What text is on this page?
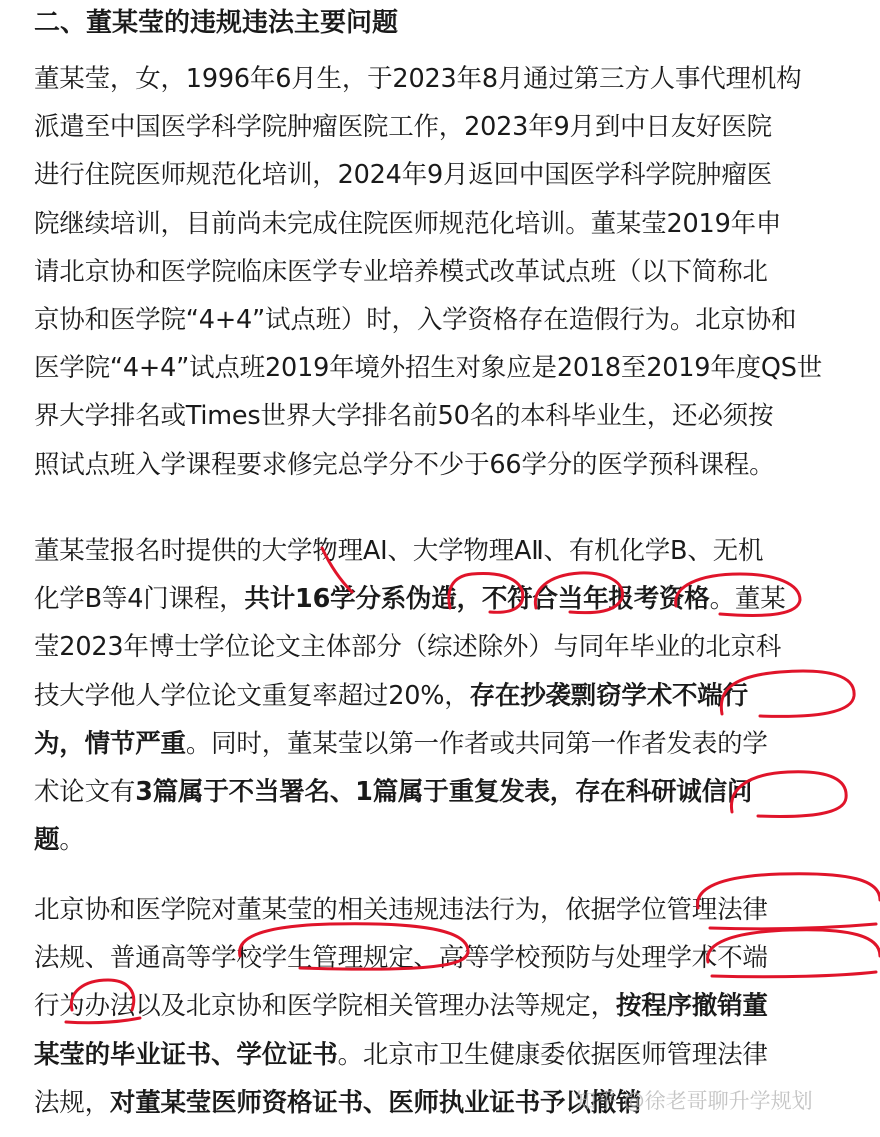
二、董某莹的违规违法主要问题
董某莹，女，1996年6月生，于2023年8月通过第三方人事代理机构
派遣至中国医学科学院肿瘤医院工作，2023年9月到中日友好医院
进行住院医师规范化培训，2024年9月返回中国医学科学院肿瘤医
院继续培训，目前尚未完成住院医师规范化培训。董某莹2019年申
请北京协和医学院临床医学专业培养模式改革试点班（以下简称北
京协和医学院“4+4”试点班）时，入学资格存在造假行为。北京协和
医学院“4+4”试点班2019年境外招生对象应是2018至2019年度QS世
界大学排名或Times世界大学排名前50名的本科毕业生，还必须按
照试点班入学课程要求修完总学分不少于66学分的医学预科课程。
董某莹报名时提供的大学物理AI、大学物理AⅡ、有机化学B、无机
化学B等4门课程，共计16学分系伪造，不符合当年报考资格。董某
莹2023年博士学位论文主体部分（综述除外）与同年毕业的北京科
技大学他人学位论文重复率超过20%，存在抄袭剽窃学术不端行
为，情节严重。同时，董某莹以第一作者或共同第一作者发表的学
术论文有3篇属于不当署名、1篇属于重复发表，存在科研诚信问
题。
北京协和医学院对董某莹的相关违规违法行为，依据学位管理法律
法规、普通高等学校学生管理规定、高等学校预防与处理学术不端
行为办法以及北京协和医学院相关管理办法等规定，按程序撤销董
某莹的毕业证书、学位证书。北京市卫生健康委依据医师管理法律
法规，对董某莹医师资格证书、医师执业证书予以撤销
知乎 @徐老哥聊升学规划
